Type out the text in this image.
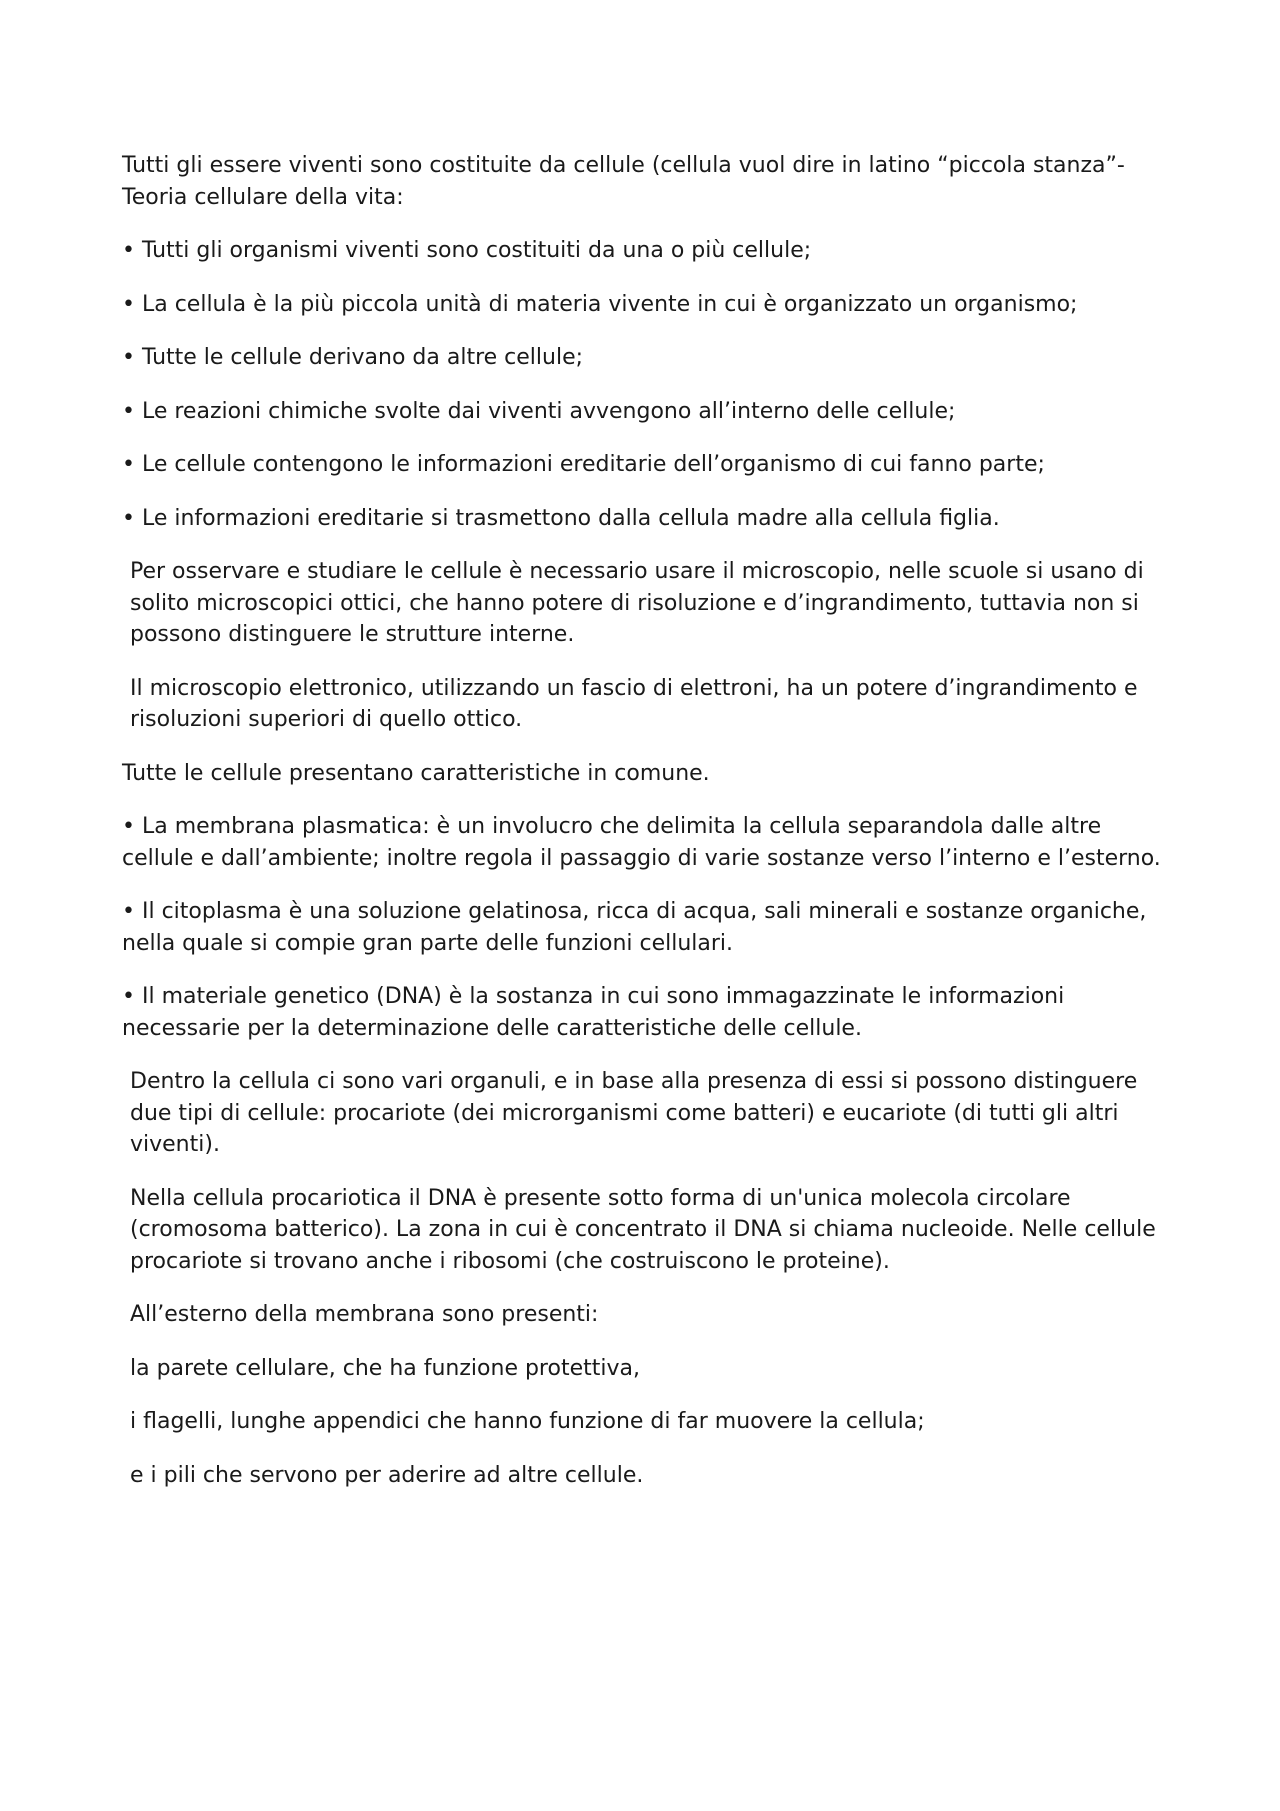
Tutti gli essere viventi sono costituite da cellule (cellula vuol dire in latino “piccola stanza”- Teoria cellulare della vita:

• Tutti gli organismi viventi sono costituiti da una o più cellule;

• La cellula è la più piccola unità di materia vivente in cui è organizzato un organismo;

• Tutte le cellule derivano da altre cellule;

• Le reazioni chimiche svolte dai viventi avvengono all’interno delle cellule;

• Le cellule contengono le informazioni ereditarie dell’organismo di cui fanno parte;

• Le informazioni ereditarie si trasmettono dalla cellula madre alla cellula figlia.

Per osservare e studiare le cellule è necessario usare il microscopio, nelle scuole si usano di solito microscopici ottici, che hanno potere di risoluzione e d’ingrandimento, tuttavia non si possono distinguere le strutture interne.

Il microscopio elettronico, utilizzando un fascio di elettroni, ha un potere d’ingrandimento e risoluzioni superiori di quello ottico.

Tutte le cellule presentano caratteristiche in comune.

• La membrana plasmatica: è un involucro che delimita la cellula separandola dalle altre cellule e dall’ambiente; inoltre regola il passaggio di varie sostanze verso l’interno e l’esterno.

• Il citoplasma è una soluzione gelatinosa, ricca di acqua, sali minerali e sostanze organiche, nella quale si compie gran parte delle funzioni cellulari.

• Il materiale genetico (DNA) è la sostanza in cui sono immagazzinate le informazioni necessarie per la determinazione delle caratteristiche delle cellule.

Dentro la cellula ci sono vari organuli, e in base alla presenza di essi si possono distinguere due tipi di cellule: procariote (dei microrganismi come batteri) e eucariote (di tutti gli altri viventi).

Nella cellula procariotica il DNA è presente sotto forma di un'unica molecola circolare (cromosoma batterico). La zona in cui è concentrato il DNA si chiama nucleoide. Nelle cellule procariote si trovano anche i ribosomi (che costruiscono le proteine).

All’esterno della membrana sono presenti:

la parete cellulare, che ha funzione protettiva,

i flagelli, lunghe appendici che hanno funzione di far muovere la cellula;

e i pili che servono per aderire ad altre cellule.
